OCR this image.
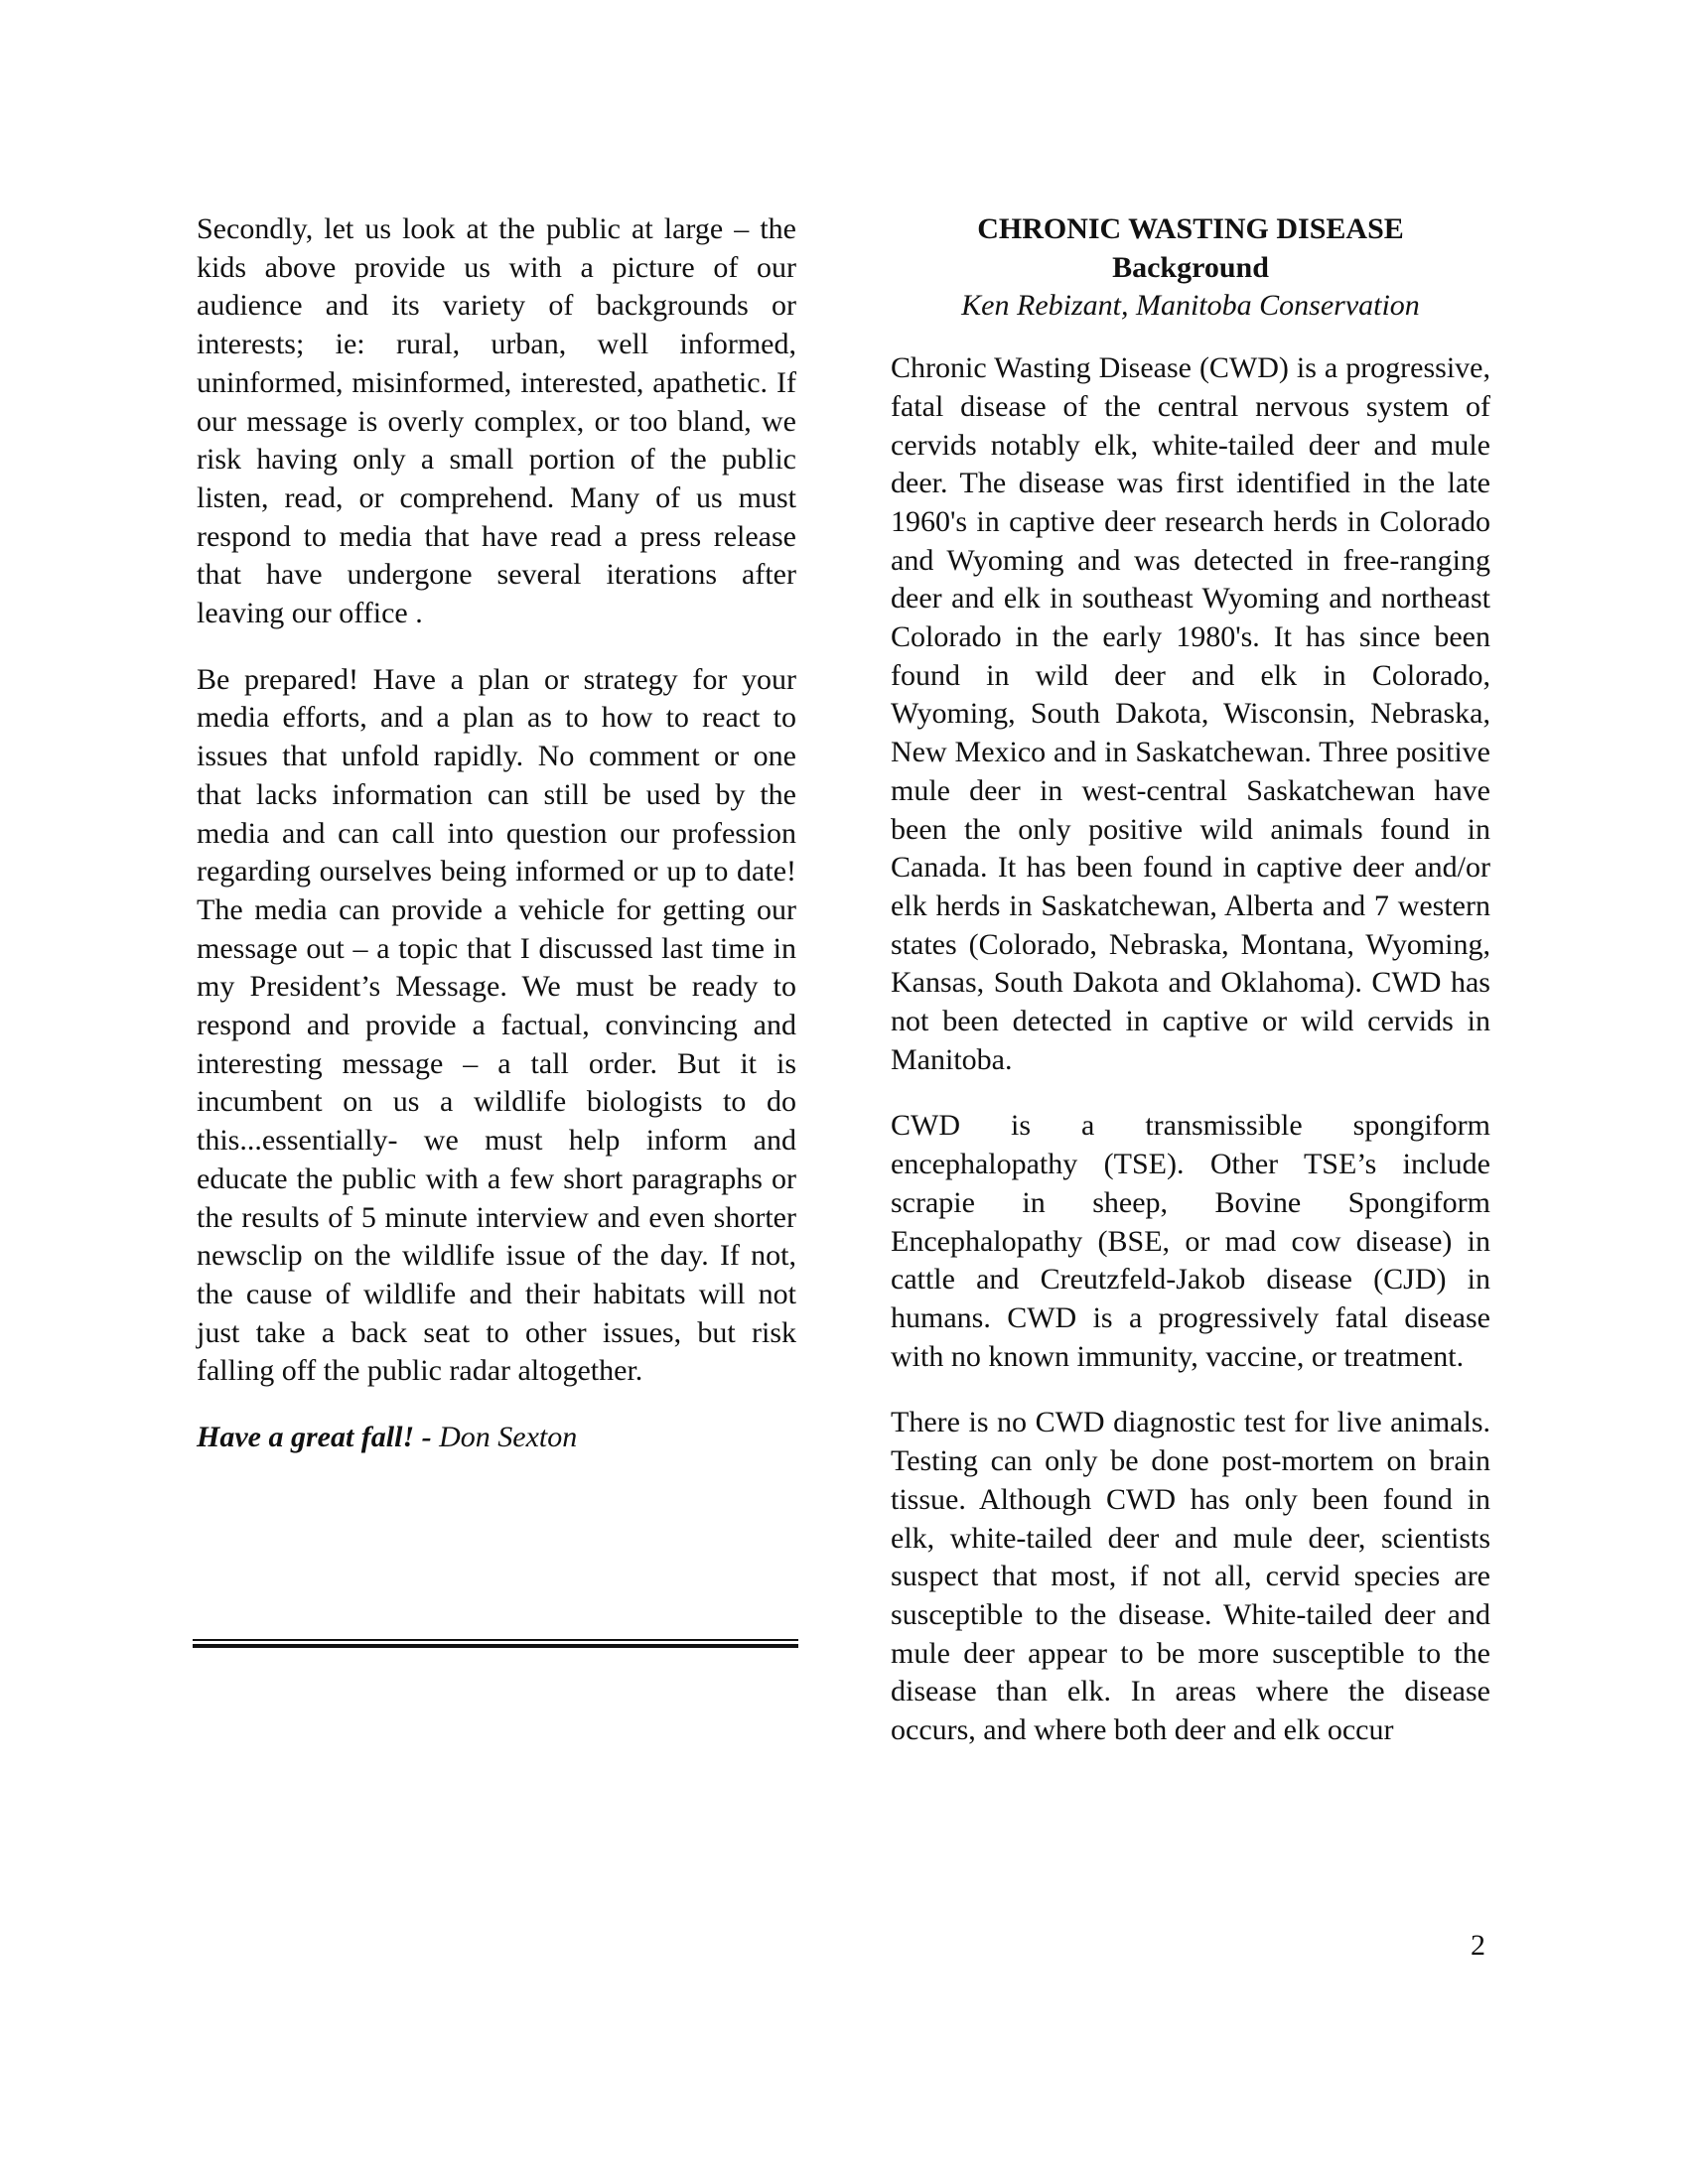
Secondly, let us look at the public at large – the kids above provide us with a picture of our audience and its variety of backgrounds or interests; ie: rural, urban, well informed, uninformed, misinformed, interested, apathetic. If our message is overly complex, or too bland, we risk having only a small portion of the public listen, read, or comprehend. Many of us must respond to media that have read a press release that have undergone several iterations after leaving our office .

Be prepared! Have a plan or strategy for your media efforts, and a plan as to how to react to issues that unfold rapidly. No comment or one that lacks information can still be used by the media and can call into question our profession regarding ourselves being informed or up to date! The media can provide a vehicle for getting our message out – a topic that I discussed last time in my President’s Message. We must be ready to respond and provide a factual, convincing and interesting message – a tall order. But it is incumbent on us a wildlife biologists to do this...essentially- we must help inform and educate the public with a few short paragraphs or the results of 5 minute interview and even shorter newsclip on the wildlife issue of the day. If not, the cause of wildlife and their habitats will not just take a back seat to other issues, but risk falling off the public radar altogether.

Have a great fall! - Don Sexton

CHRONIC WASTING DISEASE
Background
Ken Rebizant, Manitoba Conservation

Chronic Wasting Disease (CWD) is a progressive, fatal disease of the central nervous system of cervids notably elk, white-tailed deer and mule deer. The disease was first identified in the late 1960's in captive deer research herds in Colorado and Wyoming and was detected in free-ranging deer and elk in southeast Wyoming and northeast Colorado in the early 1980's. It has since been found in wild deer and elk in Colorado, Wyoming, South Dakota, Wisconsin, Nebraska, New Mexico and in Saskatchewan. Three positive mule deer in west-central Saskatchewan have been the only positive wild animals found in Canada. It has been found in captive deer and/or elk herds in Saskatchewan, Alberta and 7 western states (Colorado, Nebraska, Montana, Wyoming, Kansas, South Dakota and Oklahoma). CWD has not been detected in captive or wild cervids in Manitoba.

CWD is a transmissible spongiform encephalopathy (TSE). Other TSE’s include scrapie in sheep, Bovine Spongiform Encephalopathy (BSE, or mad cow disease) in cattle and Creutzfeld-Jakob disease (CJD) in humans. CWD is a progressively fatal disease with no known immunity, vaccine, or treatment.

There is no CWD diagnostic test for live animals. Testing can only be done post-mortem on brain tissue. Although CWD has only been found in elk, white-tailed deer and mule deer, scientists suspect that most, if not all, cervid species are susceptible to the disease. White-tailed deer and mule deer appear to be more susceptible to the disease than elk. In areas where the disease occurs, and where both deer and elk occur

2
